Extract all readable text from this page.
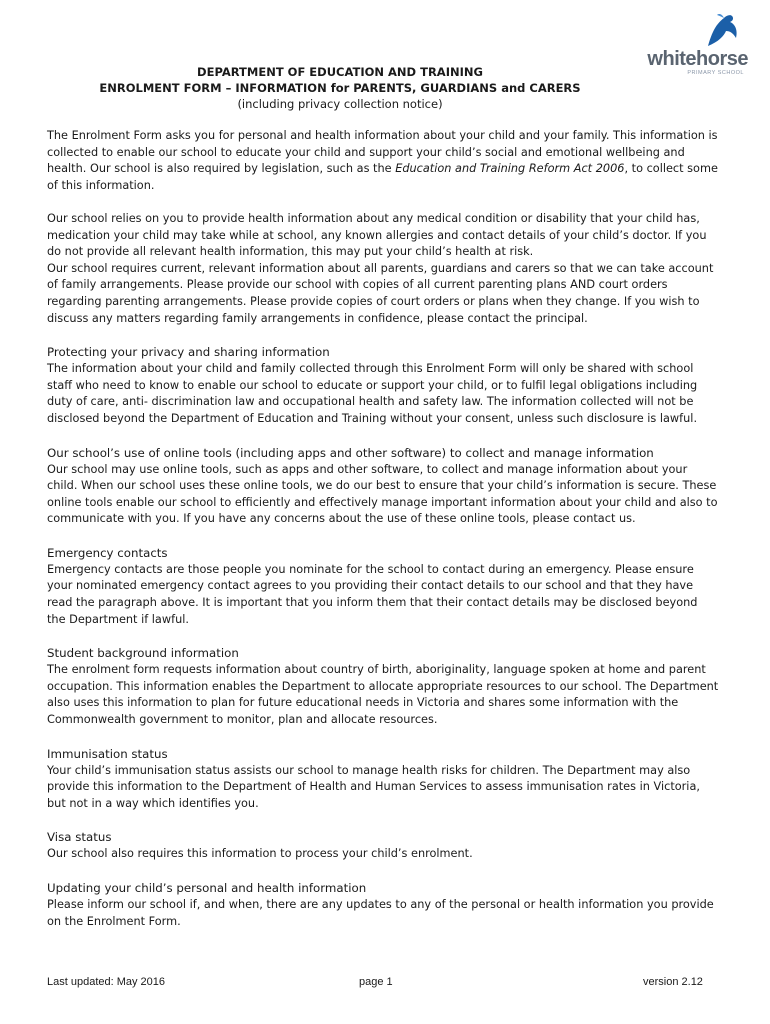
whitehorse
PRIMARY SCHOOL
DEPARTMENT OF EDUCATION AND TRAINING
ENROLMENT FORM – INFORMATION for PARENTS, GUARDIANS and CARERS
(including privacy collection notice)

The Enrolment Form asks you for personal and health information about your child and your family. This information is collected to enable our school to educate your child and support your child’s social and emotional wellbeing and health. Our school is also required by legislation, such as the Education and Training Reform Act 2006, to collect some of this information.

Our school relies on you to provide health information about any medical condition or disability that your child has, medication your child may take while at school, any known allergies and contact details of your child’s doctor. If you do not provide all relevant health information, this may put your child’s health at risk.

Our school requires current, relevant information about all parents, guardians and carers so that we can take account of family arrangements. Please provide our school with copies of all current parenting plans AND court orders regarding parenting arrangements. Please provide copies of court orders or plans when they change. If you wish to discuss any matters regarding family arrangements in confidence, please contact the principal.

Protecting your privacy and sharing information

The information about your child and family collected through this Enrolment Form will only be shared with school staff who need to know to enable our school to educate or support your child, or to fulfil legal obligations including duty of care, anti- discrimination law and occupational health and safety law. The information collected will not be disclosed beyond the Department of Education and Training without your consent, unless such disclosure is lawful.

Our school’s use of online tools (including apps and other software) to collect and manage information

Our school may use online tools, such as apps and other software, to collect and manage information about your child. When our school uses these online tools, we do our best to ensure that your child’s information is secure. These online tools enable our school to efficiently and effectively manage important information about your child and also to communicate with you. If you have any concerns about the use of these online tools, please contact us.

Emergency contacts

Emergency contacts are those people you nominate for the school to contact during an emergency. Please ensure your nominated emergency contact agrees to you providing their contact details to our school and that they have read the paragraph above. It is important that you inform them that their contact details may be disclosed beyond the Department if lawful.

Student background information

The enrolment form requests information about country of birth, aboriginality, language spoken at home and parent occupation. This information enables the Department to allocate appropriate resources to our school. The Department also uses this information to plan for future educational needs in Victoria and shares some information with the Commonwealth government to monitor, plan and allocate resources.

Immunisation status

Your child’s immunisation status assists our school to manage health risks for children. The Department may also provide this information to the Department of Health and Human Services to assess immunisation rates in Victoria, but not in a way which identifies you.

Visa status

Our school also requires this information to process your child’s enrolment.

Updating your child’s personal and health information

Please inform our school if, and when, there are any updates to any of the personal or health information you provide on the Enrolment Form.

Last updated: May 2016	page 1	version 2.12
